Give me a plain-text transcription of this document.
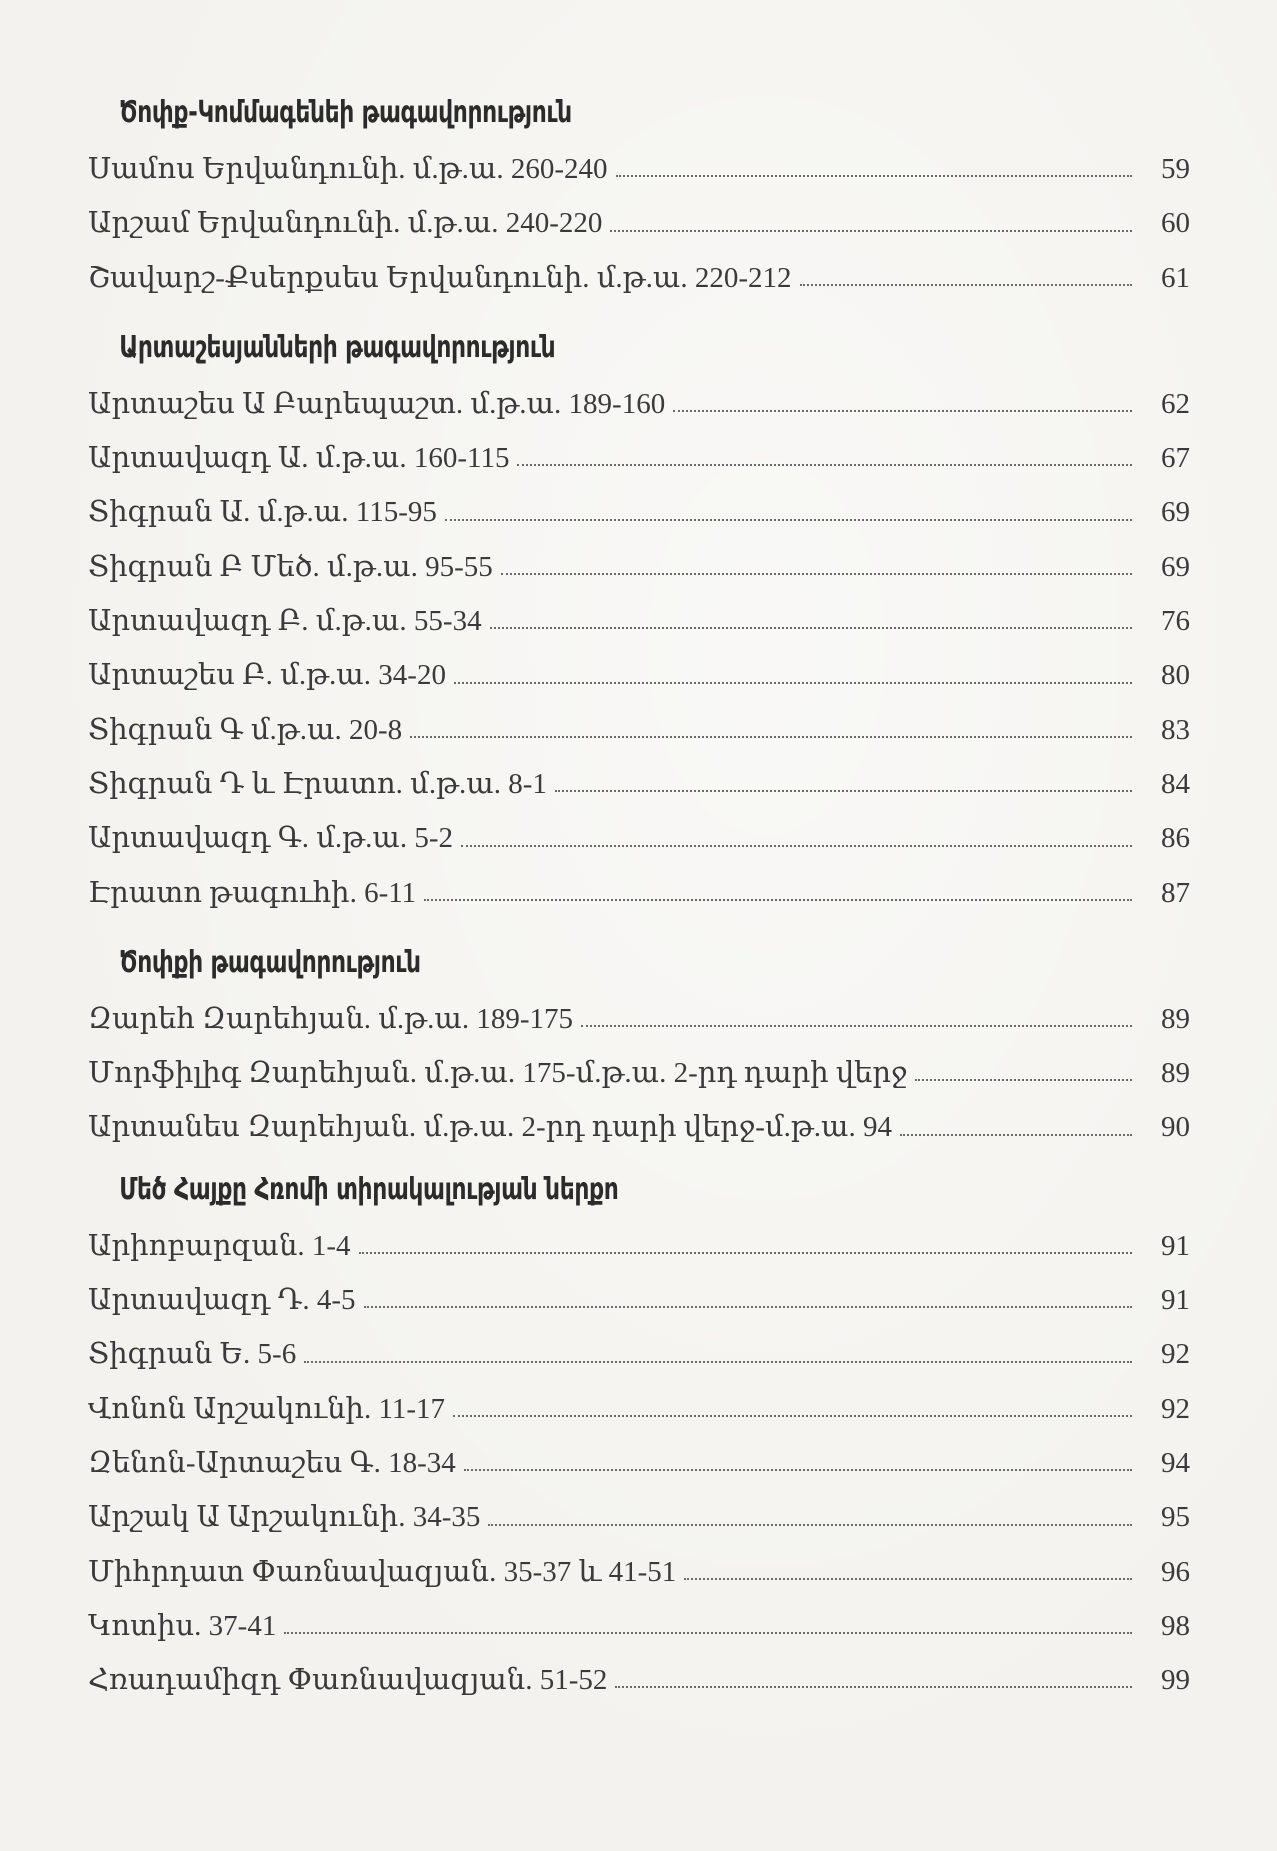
Ծոփք-Կոմմագենեի թագավորություն
Սամոս Երվանդունի. մ.թ.ա. 260-240	59
Արշամ Երվանդունի. մ.թ.ա. 240-220	60
Շավարշ-Քսերքսես Երվանդունի. մ.թ.ա. 220-212	61
Արտաշեսյանների թագավորություն
Արտաշես Ա Բարեպաշտ. մ.թ.ա. 189-160	62
Արտավազդ Ա. մ.թ.ա. 160-115	67
Տիգրան Ա. մ.թ.ա. 115-95	69
Տիգրան Բ Մեծ. մ.թ.ա. 95-55	69
Արտավազդ Բ. մ.թ.ա. 55-34	76
Արտաշես Բ. մ.թ.ա. 34-20	80
Տիգրան Գ մ.թ.ա. 20-8	83
Տիգրան Դ և Էրատո. մ.թ.ա. 8-1	84
Արտավազդ Գ. մ.թ.ա. 5-2	86
Էրատո թագուհի. 6-11	87
Ծոփքի թագավորություն
Զարեհ Զարեհյան. մ.թ.ա. 189-175	89
Մորֆիլիգ Զարեհյան. մ.թ.ա. 175-մ.թ.ա. 2-րդ դարի վերջ	89
Արտանես Զարեհյան. մ.թ.ա. 2-րդ դարի վերջ-մ.թ.ա. 94	90
Մեծ Հայքը Հռոմի տիրակալության ներքո
Արիոբարզան. 1-4	91
Արտավազդ Դ. 4-5	91
Տիգրան Ե. 5-6	92
Վոնոն Արշակունի. 11-17	92
Զենոն-Արտաշես Գ. 18-34	94
Արշակ Ա Արշակունի. 34-35	95
Միհրդատ Փառնավազյան. 35-37 և 41-51	96
Կոտիս. 37-41	98
Հռադամիզդ Փառնավազյան. 51-52	99
